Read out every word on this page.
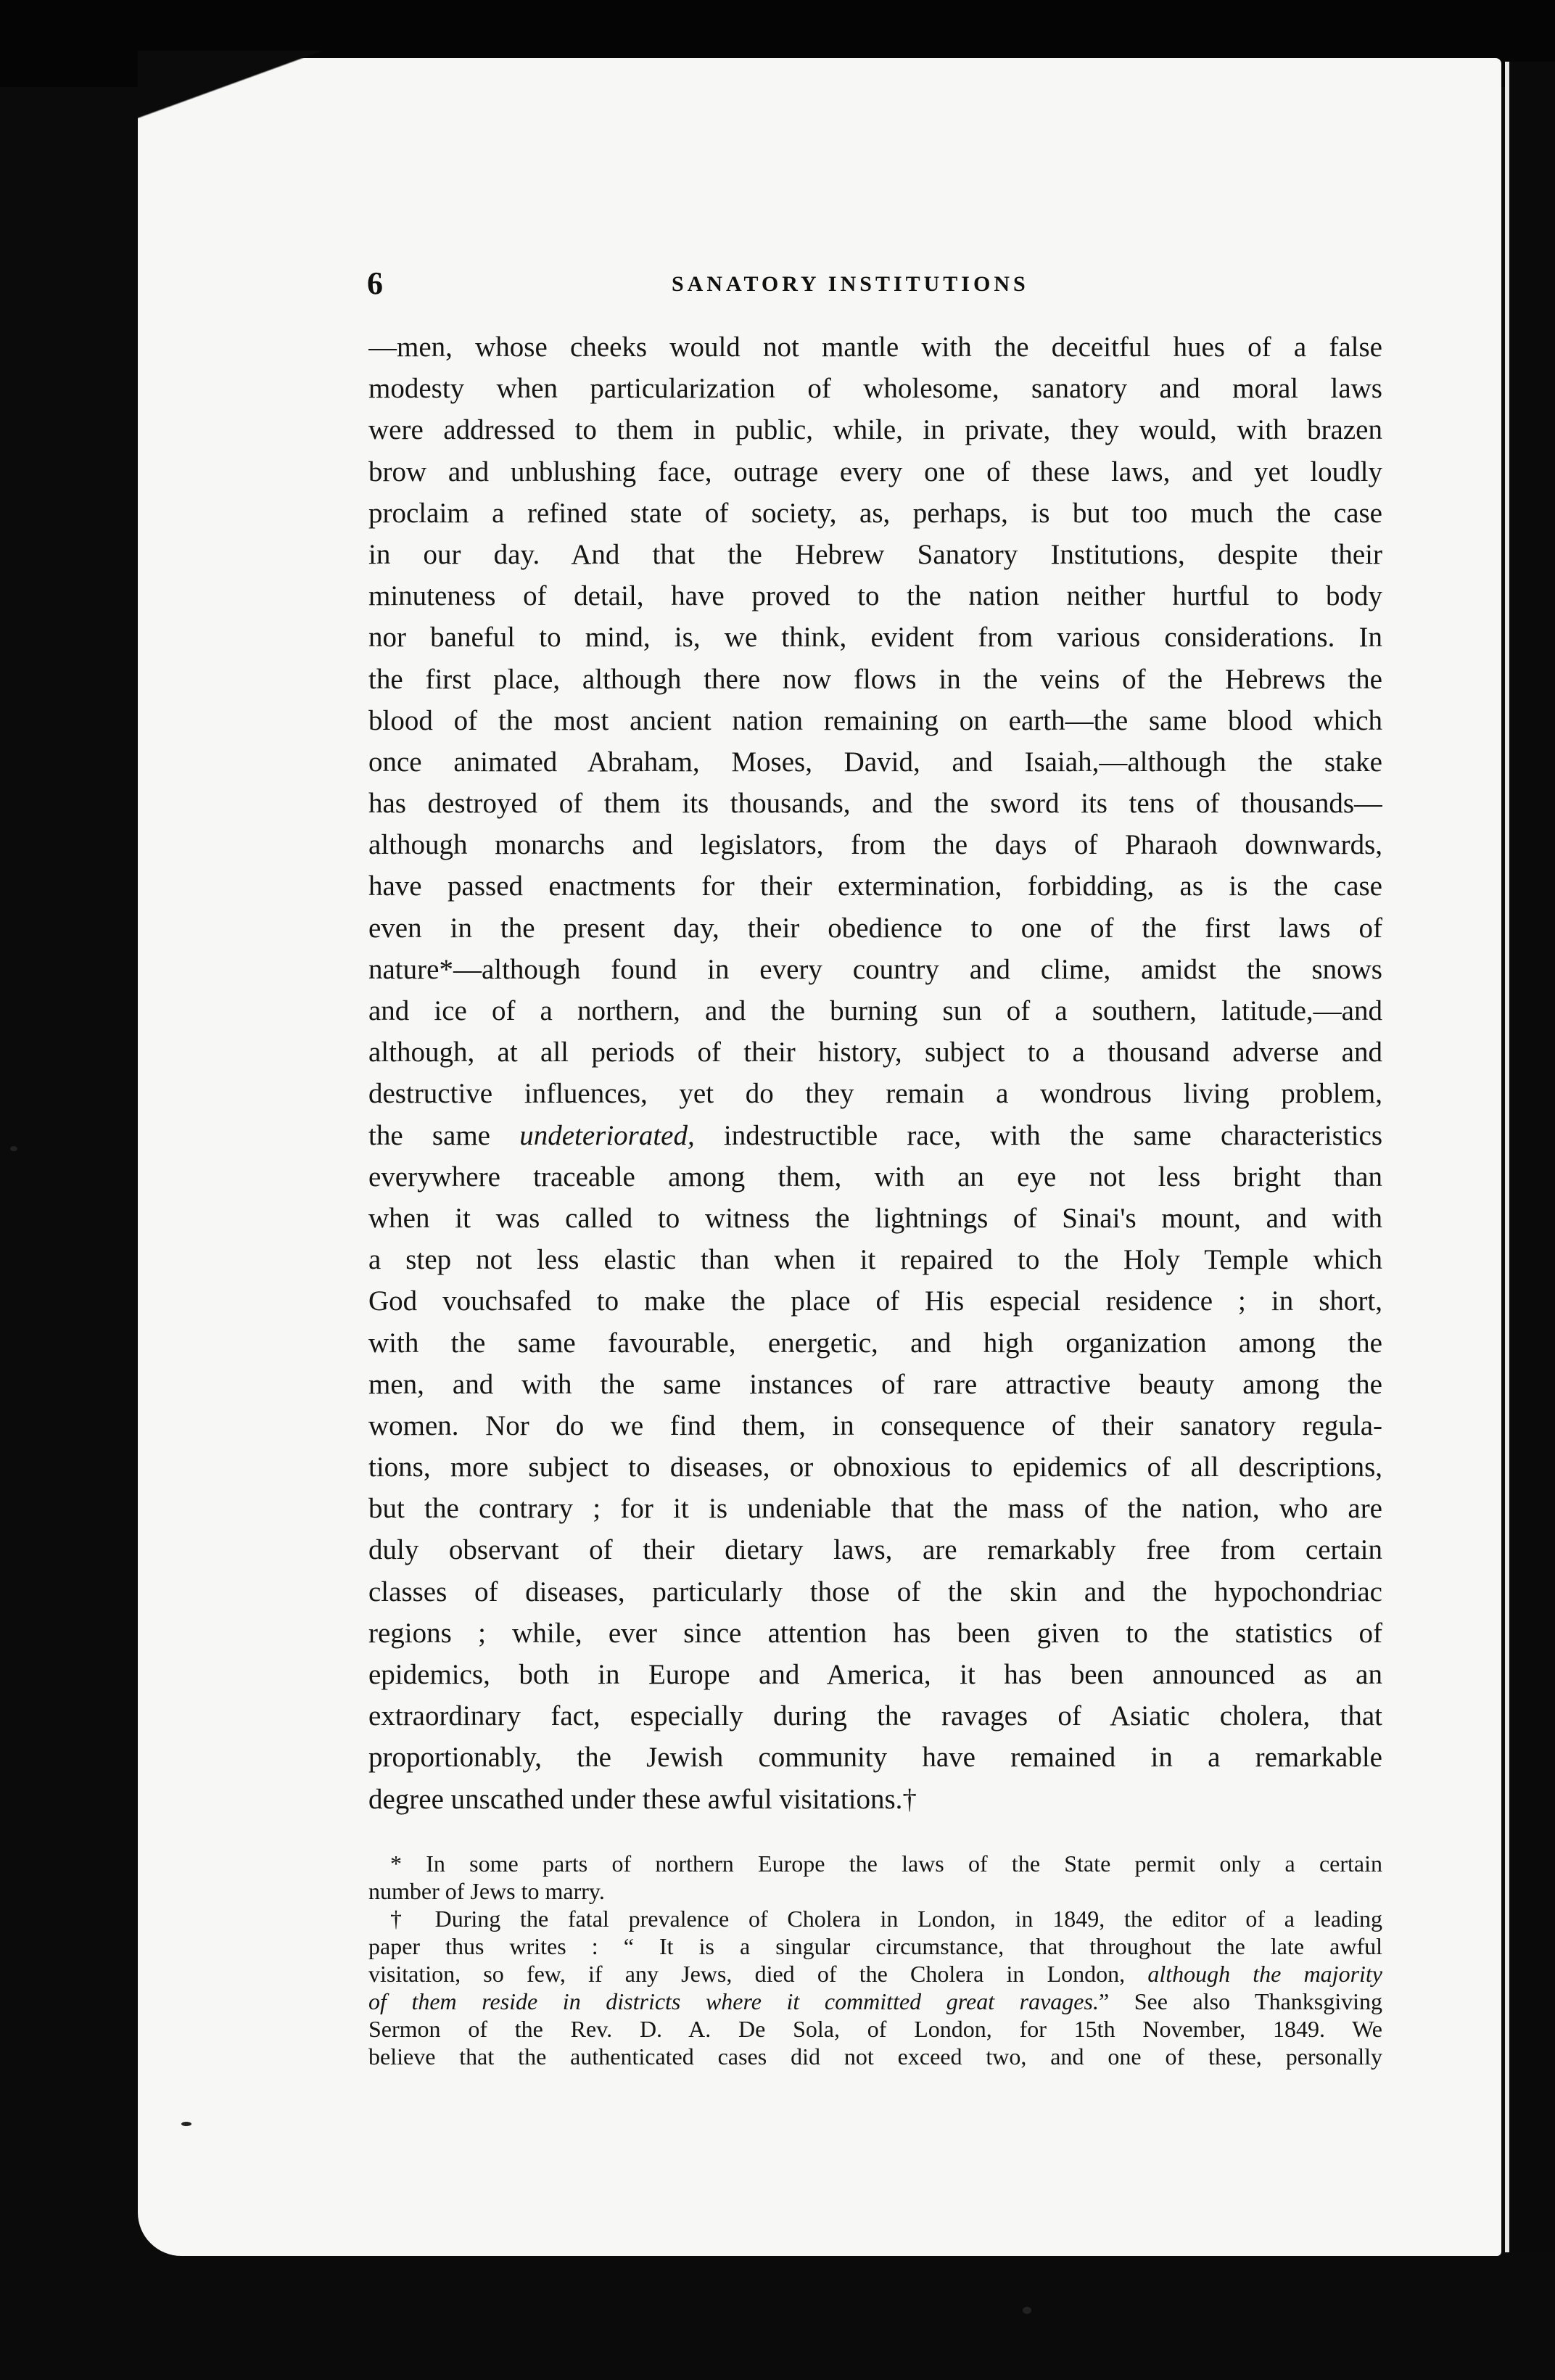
6	SANATORY INSTITUTIONS
—men, whose cheeks would not mantle with the deceitful hues of a false
modesty when particularization of wholesome, sanatory and moral laws
were addressed to them in public, while, in private, they would, with brazen
brow and unblushing face, outrage every one of these laws, and yet loudly
proclaim a refined state of society, as, perhaps, is but too much the case
in our day. And that the Hebrew Sanatory Institutions, despite their
minuteness of detail, have proved to the nation neither hurtful to body
nor baneful to mind, is, we think, evident from various considerations. In
the first place, although there now flows in the veins of the Hebrews the
blood of the most ancient nation remaining on earth—the same blood which
once animated Abraham, Moses, David, and Isaiah,—although the stake
has destroyed of them its thousands, and the sword its tens of thousands—
although monarchs and legislators, from the days of Pharaoh downwards,
have passed enactments for their extermination, forbidding, as is the case
even in the present day, their obedience to one of the first laws of
nature*—although found in every country and clime, amidst the snows
and ice of a northern, and the burning sun of a southern, latitude,—and
although, at all periods of their history, subject to a thousand adverse and
destructive influences, yet do they remain a wondrous living problem,
the same undeteriorated, indestructible race, with the same characteristics
everywhere traceable among them, with an eye not less bright than
when it was called to witness the lightnings of Sinai's mount, and with
a step not less elastic than when it repaired to the Holy Temple which
God vouchsafed to make the place of His especial residence ; in short,
with the same favourable, energetic, and high organization among the
men, and with the same instances of rare attractive beauty among the
women. Nor do we find them, in consequence of their sanatory regula-
tions, more subject to diseases, or obnoxious to epidemics of all descriptions,
but the contrary ; for it is undeniable that the mass of the nation, who are
duly observant of their dietary laws, are remarkably free from certain
classes of diseases, particularly those of the skin and the hypochondriac
regions ; while, ever since attention has been given to the statistics of
epidemics, both in Europe and America, it has been announced as an
extraordinary fact, especially during the ravages of Asiatic cholera, that
proportionably, the Jewish community have remained in a remarkable
degree unscathed under these awful visitations.†
* In some parts of northern Europe the laws of the State permit only a certain
number of Jews to marry.
† During the fatal prevalence of Cholera in London, in 1849, the editor of a leading
paper thus writes : “ It is a singular circumstance, that throughout the late awful
visitation, so few, if any Jews, died of the Cholera in London, although the majority
of them reside in districts where it committed great ravages.” See also Thanksgiving
Sermon of the Rev. D. A. De Sola, of London, for 15th November, 1849. We
believe that the authenticated cases did not exceed two, and one of these, personally
